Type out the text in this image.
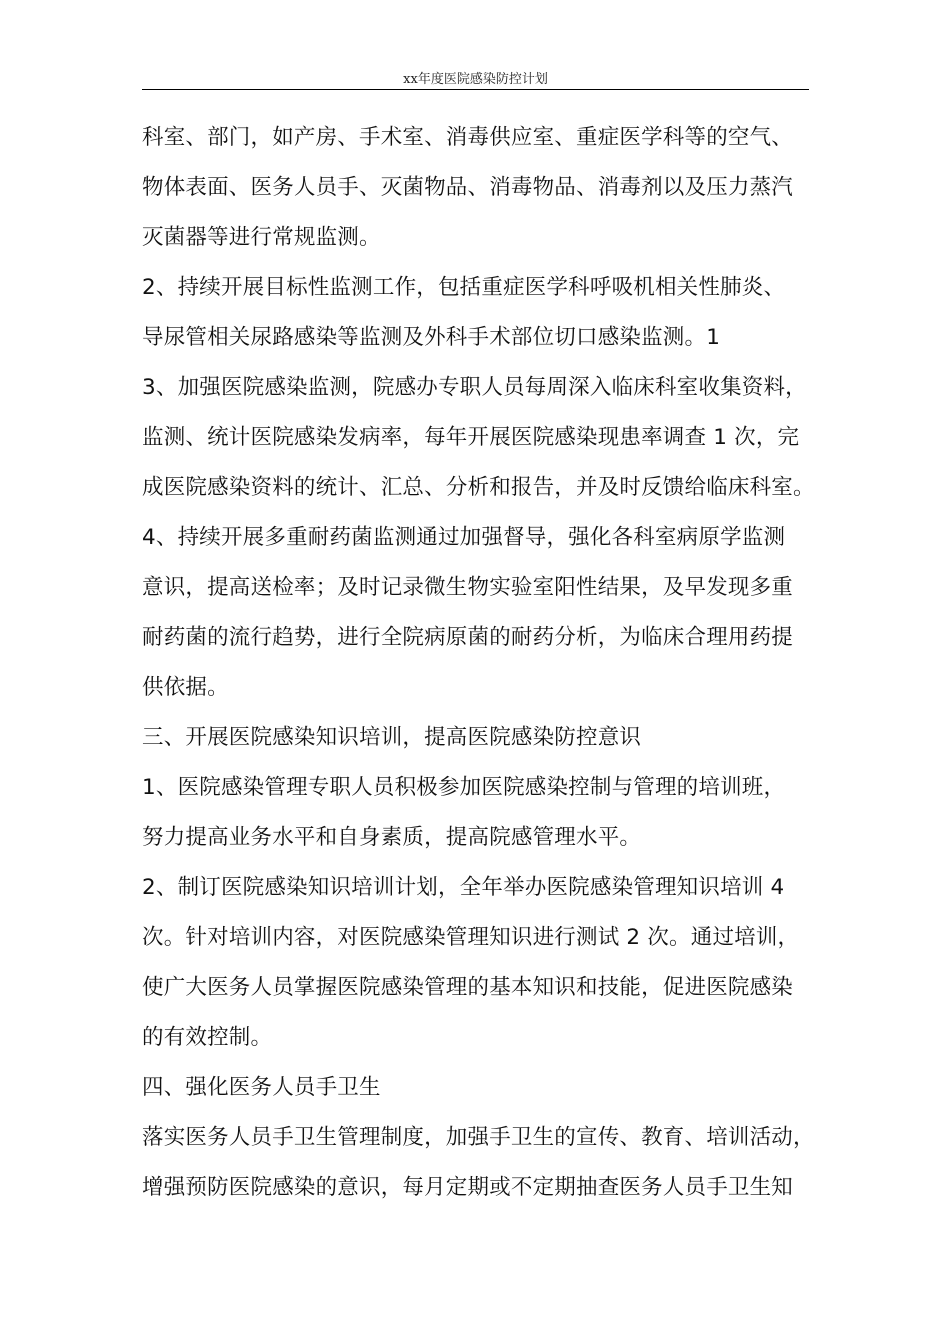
xx年度医院感染防控计划
科室、部门，如产房、手术室、消毒供应室、重症医学科等的空气、
物体表面、医务人员手、灭菌物品、消毒物品、消毒剂以及压力蒸汽
灭菌器等进行常规监测。
2、持续开展目标性监测工作，包括重症医学科呼吸机相关性肺炎、
导尿管相关尿路感染等监测及外科手术部位切口感染监测。1
3、加强医院感染监测，院感办专职人员每周深入临床科室收集资料，
监测、统计医院感染发病率，每年开展医院感染现患率调查 1 次，完
成医院感染资料的统计、汇总、分析和报告，并及时反馈给临床科室。
4、持续开展多重耐药菌监测通过加强督导，强化各科室病原学监测
意识，提高送检率；及时记录微生物实验室阳性结果，及早发现多重
耐药菌的流行趋势，进行全院病原菌的耐药分析，为临床合理用药提
供依据。
三、开展医院感染知识培训，提高医院感染防控意识
1、医院感染管理专职人员积极参加医院感染控制与管理的培训班，
努力提高业务水平和自身素质，提高院感管理水平。
2、制订医院感染知识培训计划，全年举办医院感染管理知识培训 4
次。针对培训内容，对医院感染管理知识进行测试 2 次。通过培训，
使广大医务人员掌握医院感染管理的基本知识和技能，促进医院感染
的有效控制。
四、强化医务人员手卫生
落实医务人员手卫生管理制度，加强手卫生的宣传、教育、培训活动，
增强预防医院感染的意识，每月定期或不定期抽查医务人员手卫生知
